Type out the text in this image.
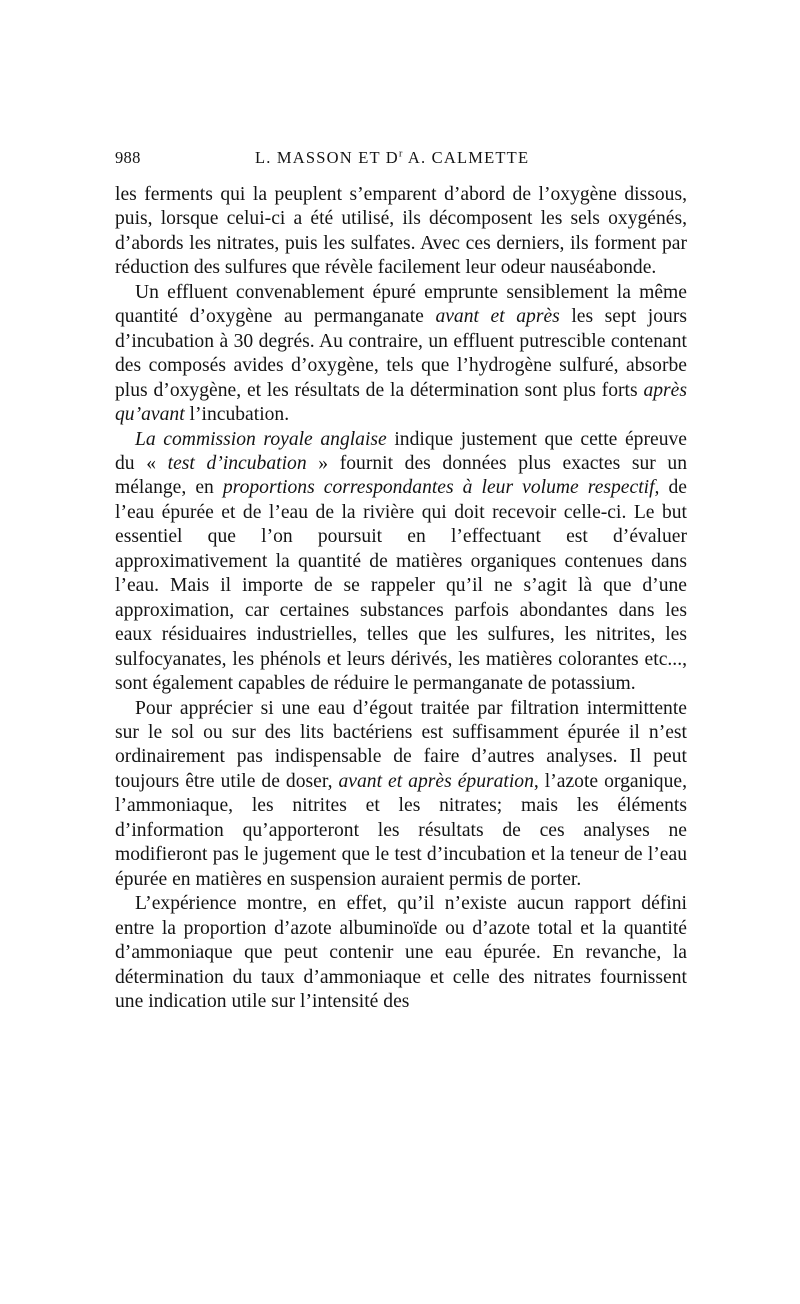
988	L. MASSON ET $D^r$ A. CALMETTE

les ferments qui la peuplent s’emparent d’abord de l’oxygène dissous, puis, lorsque celui-ci a été utilisé, ils décomposent les sels oxygénés, d’abords les nitrates, puis les sulfates. Avec ces derniers, ils forment par réduction des sulfures que révèle facilement leur odeur nauséabonde.

Un effluent convenablement épuré emprunte sensiblement la même quantité d’oxygène au permanganate avant et après les sept jours d’incubation à 30 degrés. Au contraire, un effluent putrescible contenant des composés avides d’oxygène, tels que l’hydrogène sulfuré, absorbe plus d’oxygène, et les résultats de la détermination sont plus forts après qu’avant l’incubation.

La commission royale anglaise indique justement que cette épreuve du « test d’incubation » fournit des données plus exactes sur un mélange, en proportions correspondantes à leur volume respectif, de l’eau épurée et de l’eau de la rivière qui doit recevoir celle-ci. Le but essentiel que l’on poursuit en l’effectuant est d’évaluer approximativement la quantité de matières organiques contenues dans l’eau. Mais il importe de se rappeler qu’il ne s’agit là que d’une approximation, car certaines substances parfois abondantes dans les eaux résiduaires industrielles, telles que les sulfures, les nitrites, les sulfocyanates, les phénols et leurs dérivés, les matières colorantes etc..., sont également capables de réduire le permanganate de potassium.

Pour apprécier si une eau d’égout traitée par filtration intermittente sur le sol ou sur des lits bactériens est suffisamment épurée il n’est ordinairement pas indispensable de faire d’autres analyses. Il peut toujours être utile de doser, avant et après épuration, l’azote organique, l’ammoniaque, les nitrites et les nitrates; mais les éléments d’information qu’apporteront les résultats de ces analyses ne modifieront pas le jugement que le test d’incubation et la teneur de l’eau épurée en matières en suspension auraient permis de porter.

L’expérience montre, en effet, qu’il n’existe aucun rapport défini entre la proportion d’azote albuminoïde ou d’azote total et la quantité d’ammoniaque que peut contenir une eau épurée. En revanche, la détermination du taux d’ammoniaque et celle des nitrates fournissent une indication utile sur l’intensité des
